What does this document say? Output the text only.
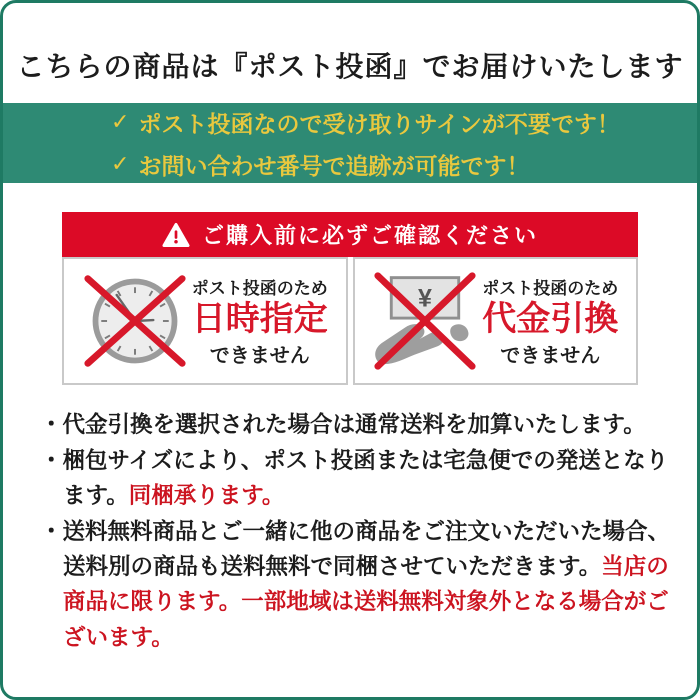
こちらの商品は『ポスト投函』でお届けいたします
✓ ポスト投函なので受け取りサインが不要です！
✓ お問い合わせ番号で追跡が可能です！
ご購入前に必ずご確認ください
ポスト投函のため
日時指定
できません
¥	ポスト投函のため
代金引換
できません
・代金引換を選択された場合は通常送料を加算いたします。
・梱包サイズにより、ポスト投函または宅急便での発送となります。同梱承ります。
・送料無料商品とご一緒に他の商品をご注文いただいた場合、送料別の商品も送料無料で同梱させていただきます。当店の商品に限ります。一部地域は送料無料対象外となる場合がございます。
